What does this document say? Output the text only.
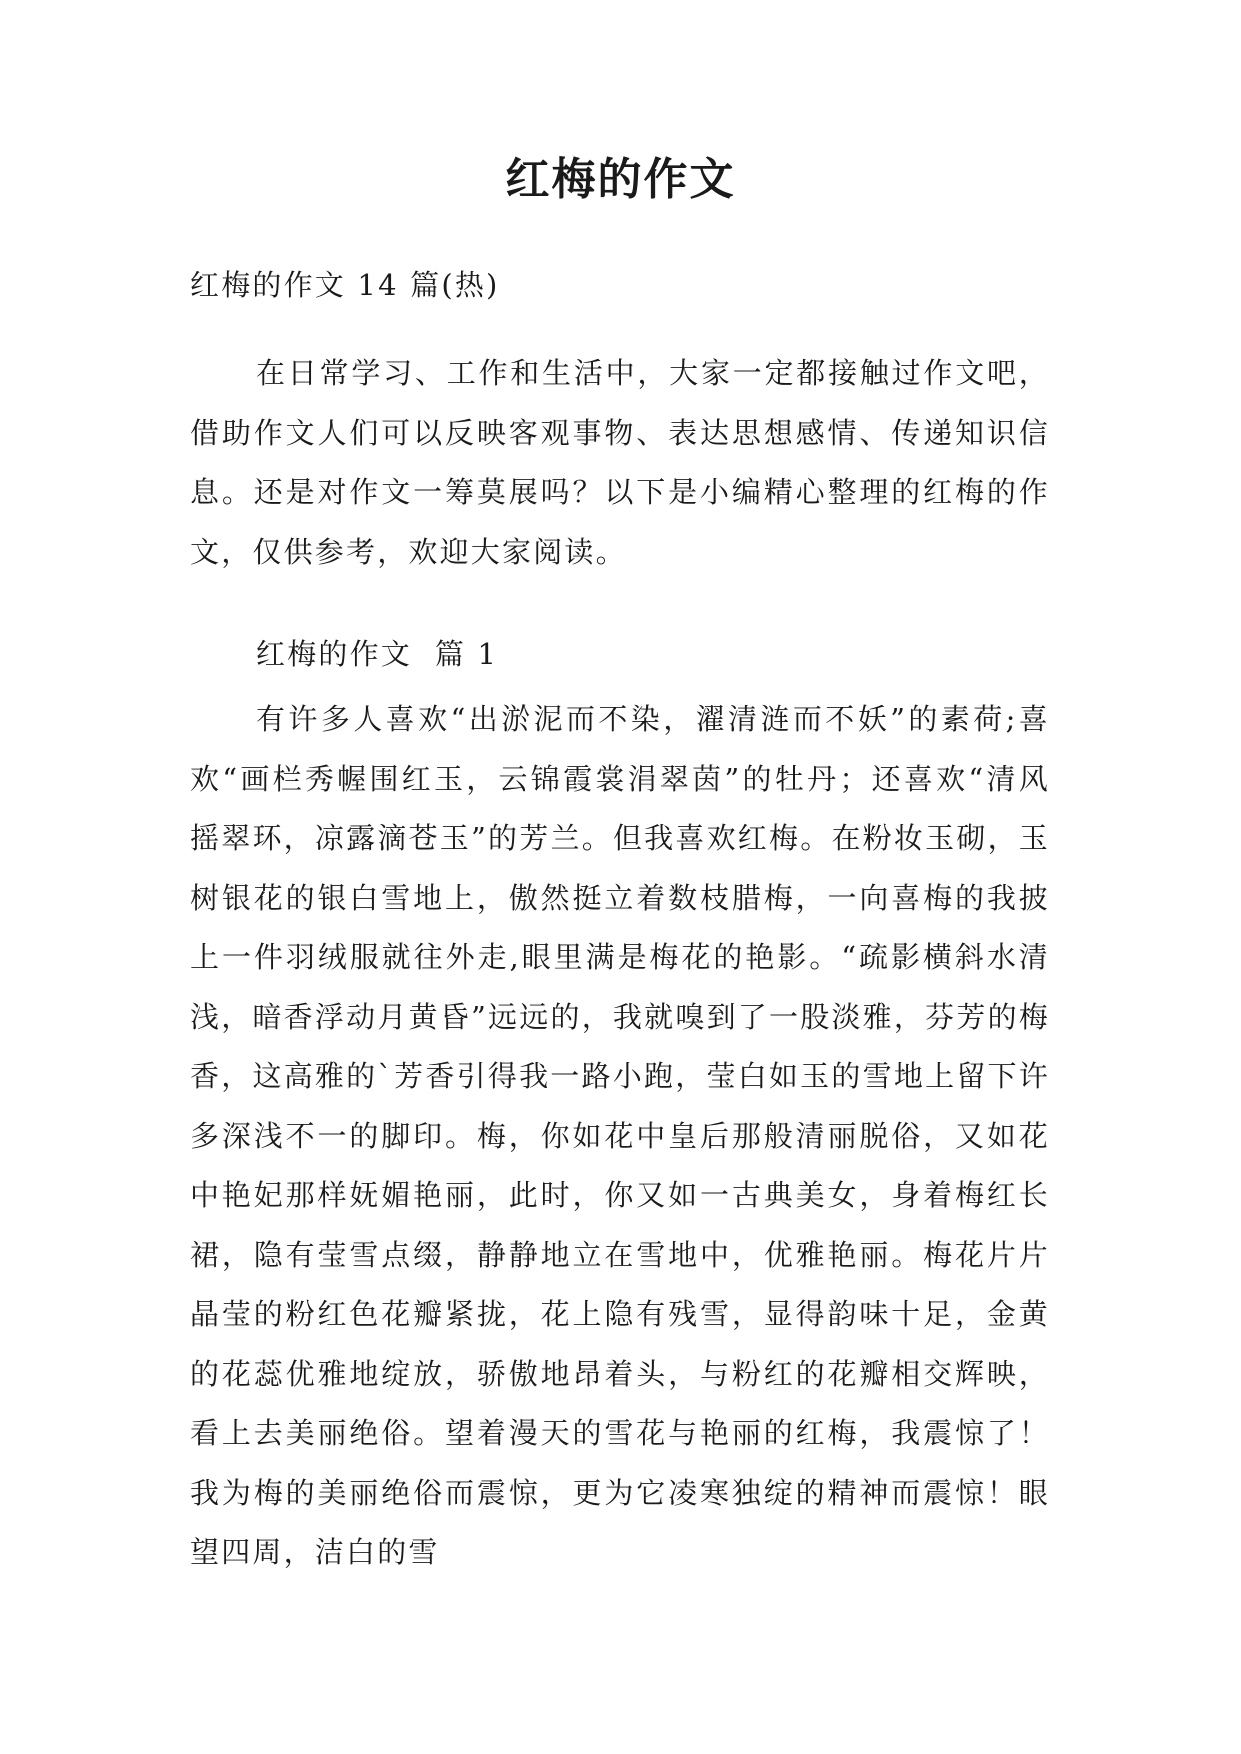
红梅的作文

红梅的作文 14 篇(热)

在日常学习、工作和生活中，大家一定都接触过作文吧，借助作文人们可以反映客观事物、表达思想感情、传递知识信息。还是对作文一筹莫展吗？以下是小编精心整理的红梅的作文，仅供参考，欢迎大家阅读。

红梅的作文  篇 1

有许多人喜欢“出淤泥而不染，濯清涟而不妖”的素荷;喜欢“画栏秀幄围红玉，云锦霞裳涓翠茵”的牡丹；还喜欢“清风摇翠环，凉露滴苍玉”的芳兰。但我喜欢红梅。在粉妆玉砌，玉树银花的银白雪地上，傲然挺立着数枝腊梅，一向喜梅的我披上一件羽绒服就往外走,眼里满是梅花的艳影。“疏影横斜水清浅，暗香浮动月黄昏”远远的，我就嗅到了一股淡雅，芬芳的梅香，这高雅的`芳香引得我一路小跑，莹白如玉的雪地上留下许多深浅不一的脚印。梅，你如花中皇后那般清丽脱俗，又如花中艳妃那样妩媚艳丽，此时，你又如一古典美女，身着梅红长裙，隐有莹雪点缀，静静地立在雪地中，优雅艳丽。梅花片片晶莹的粉红色花瓣紧拢，花上隐有残雪，显得韵味十足，金黄的花蕊优雅地绽放，骄傲地昂着头，与粉红的花瓣相交辉映，看上去美丽绝俗。望着漫天的雪花与艳丽的红梅，我震惊了！我为梅的美丽绝俗而震惊，更为它凌寒独绽的精神而震惊！眼望四周，洁白的雪
